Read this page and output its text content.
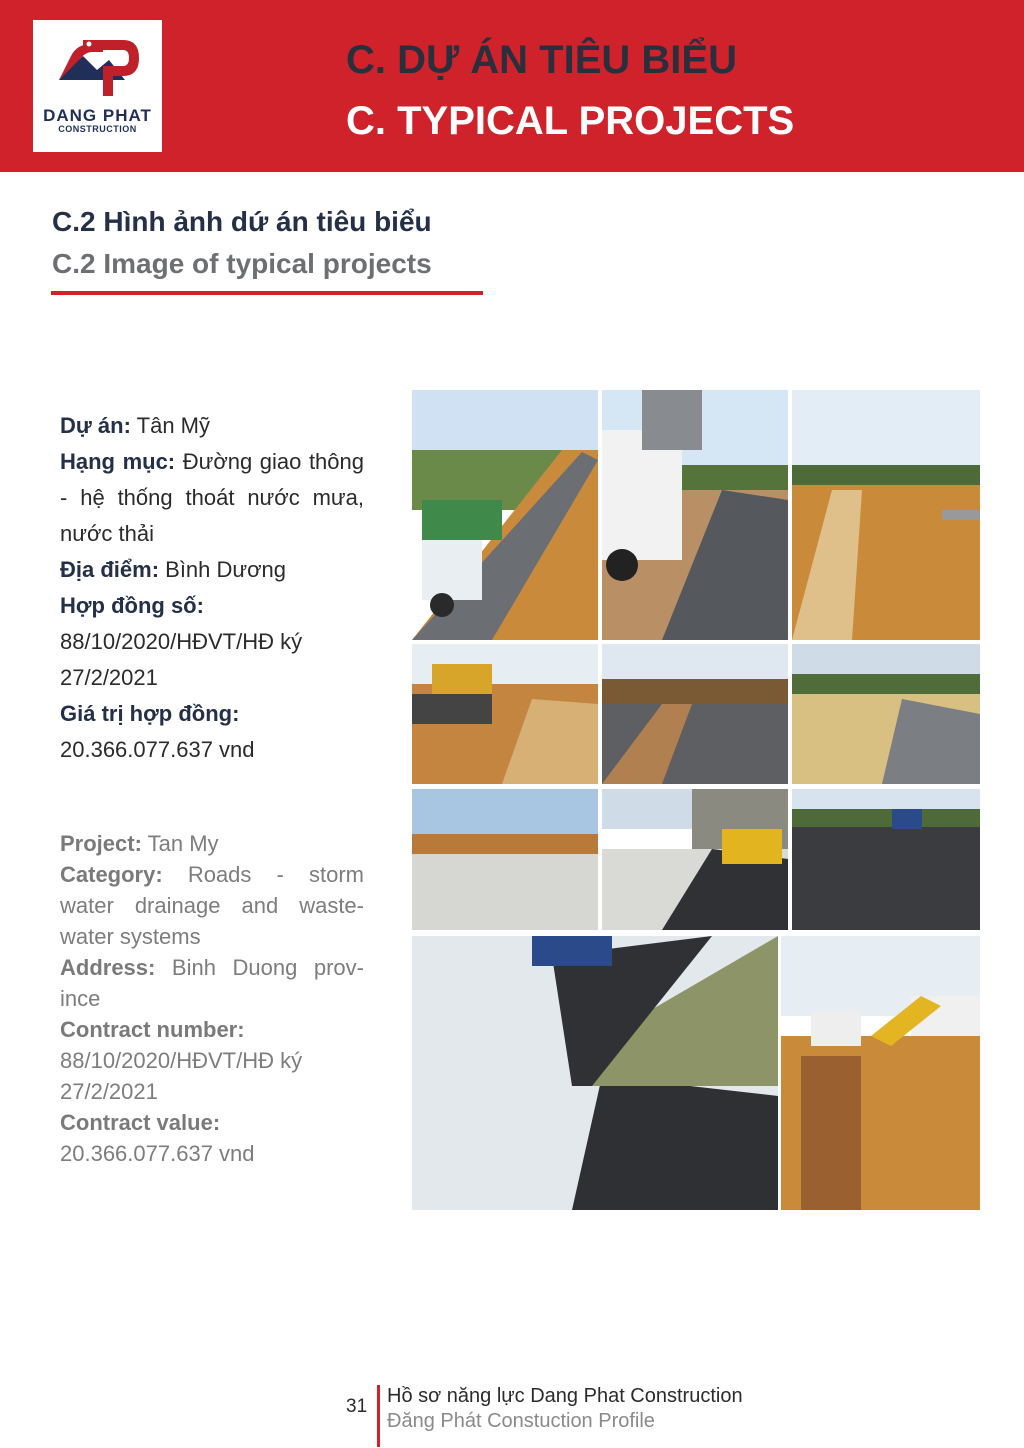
DANG PHAT
CONSTRUCTION
C. DỰ ÁN TIÊU BIỂU
C. TYPICAL PROJECTS
C.2 Hình ảnh dứ án tiêu biểu
C.2 Image of typical projects
Dự án: Tân Mỹ
Hạng mục: Đường giao thông - hệ thống thoát nước mưa, nước thải
Địa điểm: Bình Dương
Hợp đồng số:
88/10/2020/HĐVT/HĐ ký 27/2/2021
Giá trị hợp đồng:
20.366.077.637 vnd
Project: Tan My
Category: Roads - storm water drainage and waste-water systems
Address: Binh Duong prov-ince
Contract number:
88/10/2020/HĐVT/HĐ ký 27/2/2021
Contract value:
20.366.077.637 vnd
31 Hồ sơ năng lực Dang Phat Construction
Đăng Phát Constuction Profile
